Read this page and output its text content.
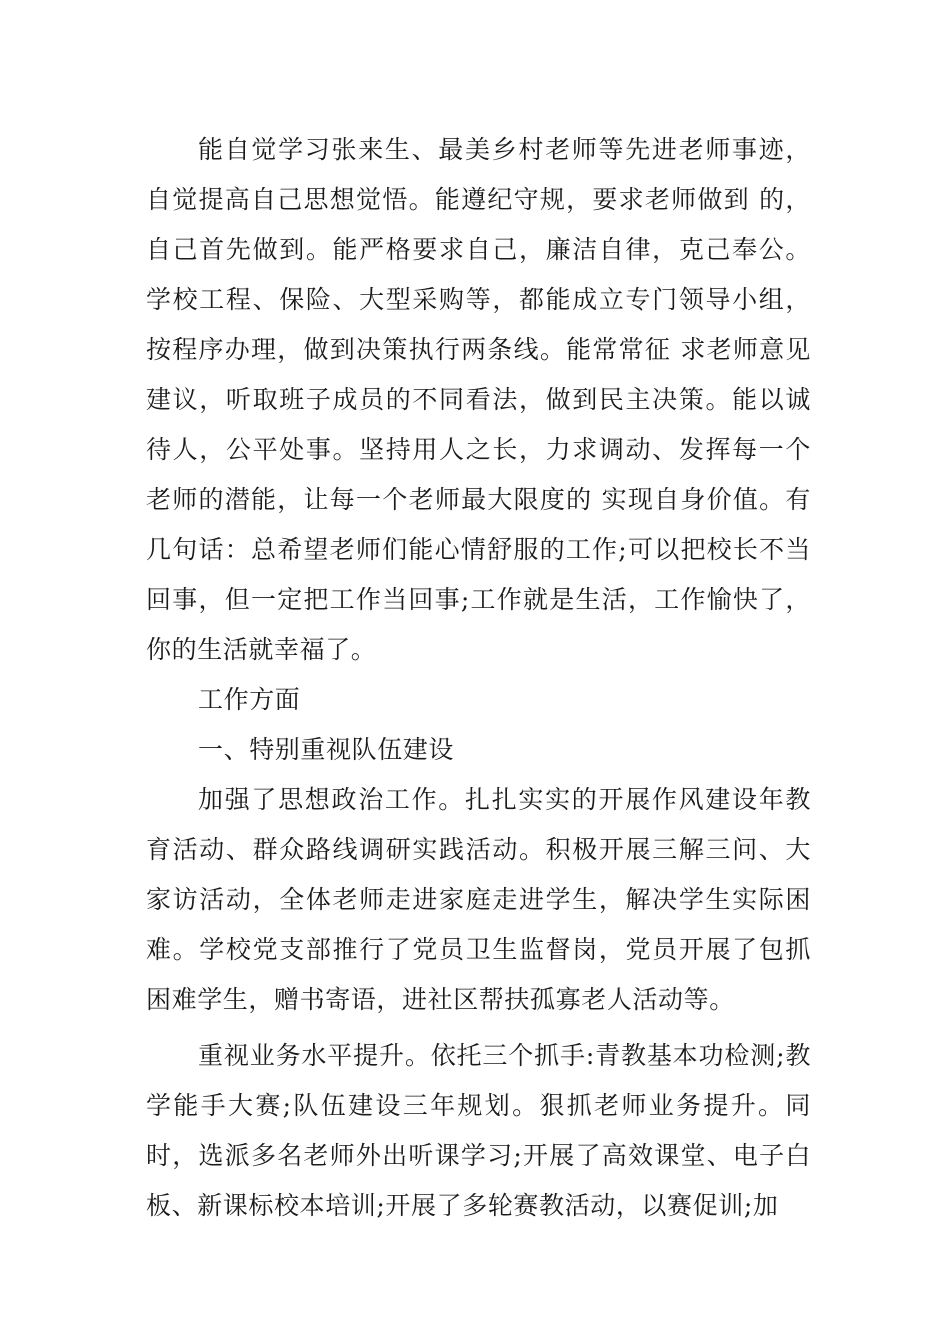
能自觉学习张来生、最美乡村老师等先进老师事迹，自觉提高自己思想觉悟。能遵纪守规，要求老师做到 的，自己首先做到。能严格要求自己，廉洁自律，克己奉公。学校工程、保险、大型采购等，都能成立专门领导小组，按程序办理，做到决策执行两条线。能常常征 求老师意见建议，听取班子成员的不同看法，做到民主决策。能以诚待人，公平处事。坚持用人之长，力求调动、发挥每一个老师的潜能，让每一个老师最大限度的 实现自身价值。有几句话：总希望老师们能心情舒服的工作;可以把校长不当回事，但一定把工作当回事;工作就是生活，工作愉快了，你的生活就幸福了。

工作方面

一、特别重视队伍建设

加强了思想政治工作。扎扎实实的开展作风建设年教育活动、群众路线调研实践活动。积极开展三解三问、大家访活动，全体老师走进家庭走进学生，解决学生实际困难。学校党支部推行了党员卫生监督岗，党员开展了包抓困难学生，赠书寄语，进社区帮扶孤寡老人活动等。

重视业务水平提升。依托三个抓手:青教基本功检测;教学能手大赛;队伍建设三年规划。狠抓老师业务提升。同时，选派多名老师外出听课学习;开展了高效课堂、电子白板、新课标校本培训;开展了多轮赛教活动，以赛促训;加
